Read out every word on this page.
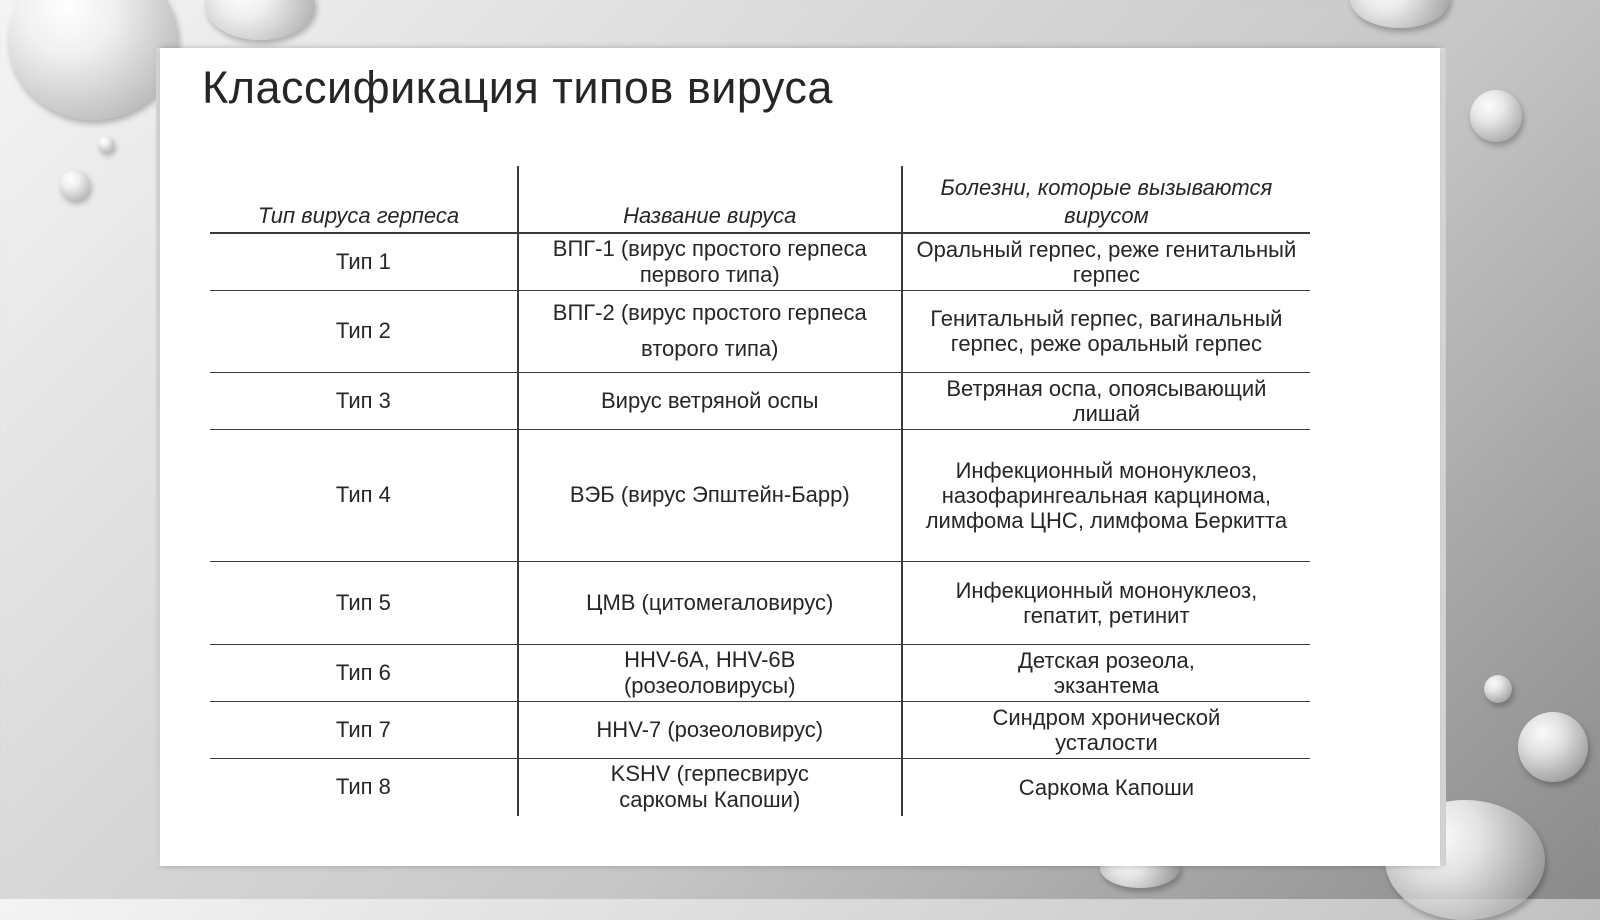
Классификация типов вируса
Тип вируса герпеса	Название вируса	Болезни, которые вызываются вирусом
Тип 1	ВПГ-1 (вирус простого герпеса первого типа)	Оральный герпес, реже генитальный герпес
Тип 2	ВПГ-2 (вирус простого герпеса второго типа)	Генитальный герпес, вагинальный герпес, реже оральный герпес
Тип 3	Вирус ветряной оспы	Ветряная оспа, опоясывающий лишай
Тип 4	ВЭБ (вирус Эпштейн-Барр)	Инфекционный мононуклеоз, назофарингеальная карцинома, лимфома ЦНС, лимфома Беркитта
Тип 5	ЦМВ (цитомегаловирус)	Инфекционный мононуклеоз, гепатит, ретинит
Тип 6	HHV-6A, HHV-6B (розеоловирусы)	Детская розеола, экзантема
Тип 7	HHV-7 (розеоловирус)	Синдром хронической усталости
Тип 8	KSHV (герпесвирус саркомы Капоши)	Саркома Капоши
